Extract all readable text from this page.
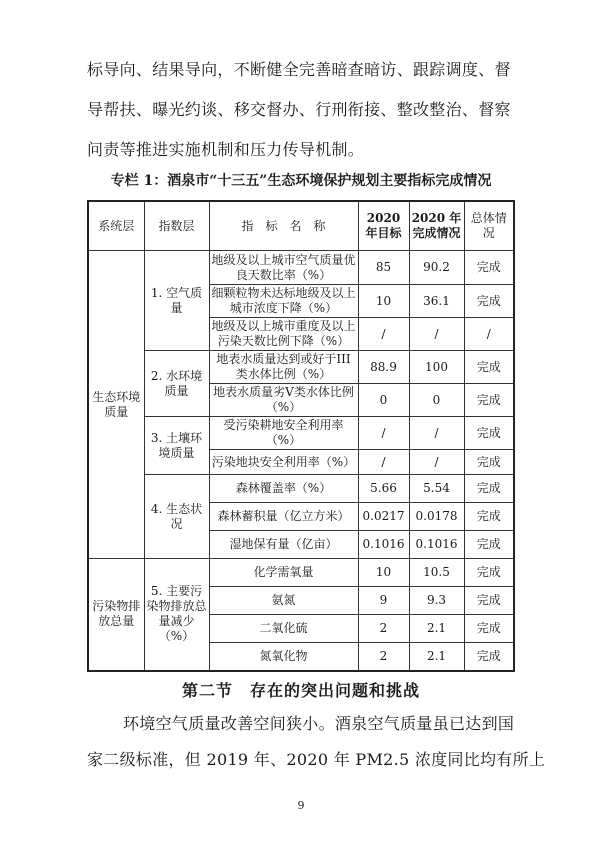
标导向、结果导向，不断健全完善暗查暗访、跟踪调度、督
导帮扶、曝光约谈、移交督办、行刑衔接、整改整治、督察
问责等推进实施机制和压力传导机制。
专栏 1：酒泉市“十三五”生态环境保护规划主要指标完成情况
系统层	指数层	指　标　名　称	2020 年目标	2020 年完成情况	总体情况
生态环境质量	1. 空气质量	地级及以上城市空气质量优良天数比率（%）	85	90.2	完成
		细颗粒物未达标地级及以上城市浓度下降（%）	10	36.1	完成
		地级及以上城市重度及以上污染天数比例下降（%）	/	/	/
	2. 水环境质量	地表水质量达到或好于III类水体比例（%）	88.9	100	完成
		地表水质量劣Ⅴ类水体比例（%）	0	0	完成
	3. 土壤环境质量	受污染耕地安全利用率（%）	/	/	完成
		污染地块安全利用率（%）	/	/	完成
	4. 生态状况	森林覆盖率（%）	5.66	5.54	完成
		森林蓄积量（亿立方米）	0.0217	0.0178	完成
		湿地保有量（亿亩）	0.1016	0.1016	完成
污染物排放总量	5. 主要污染物排放总量减少（%）	化学需氧量	10	10.5	完成
		氨氮	9	9.3	完成
		二氧化硫	2	2.1	完成
		氮氧化物	2	2.1	完成
第二节　存在的突出问题和挑战
环境空气质量改善空间狭小。酒泉空气质量虽已达到国
家二级标准，但 2019 年、2020 年 PM2.5 浓度同比均有所上
9
